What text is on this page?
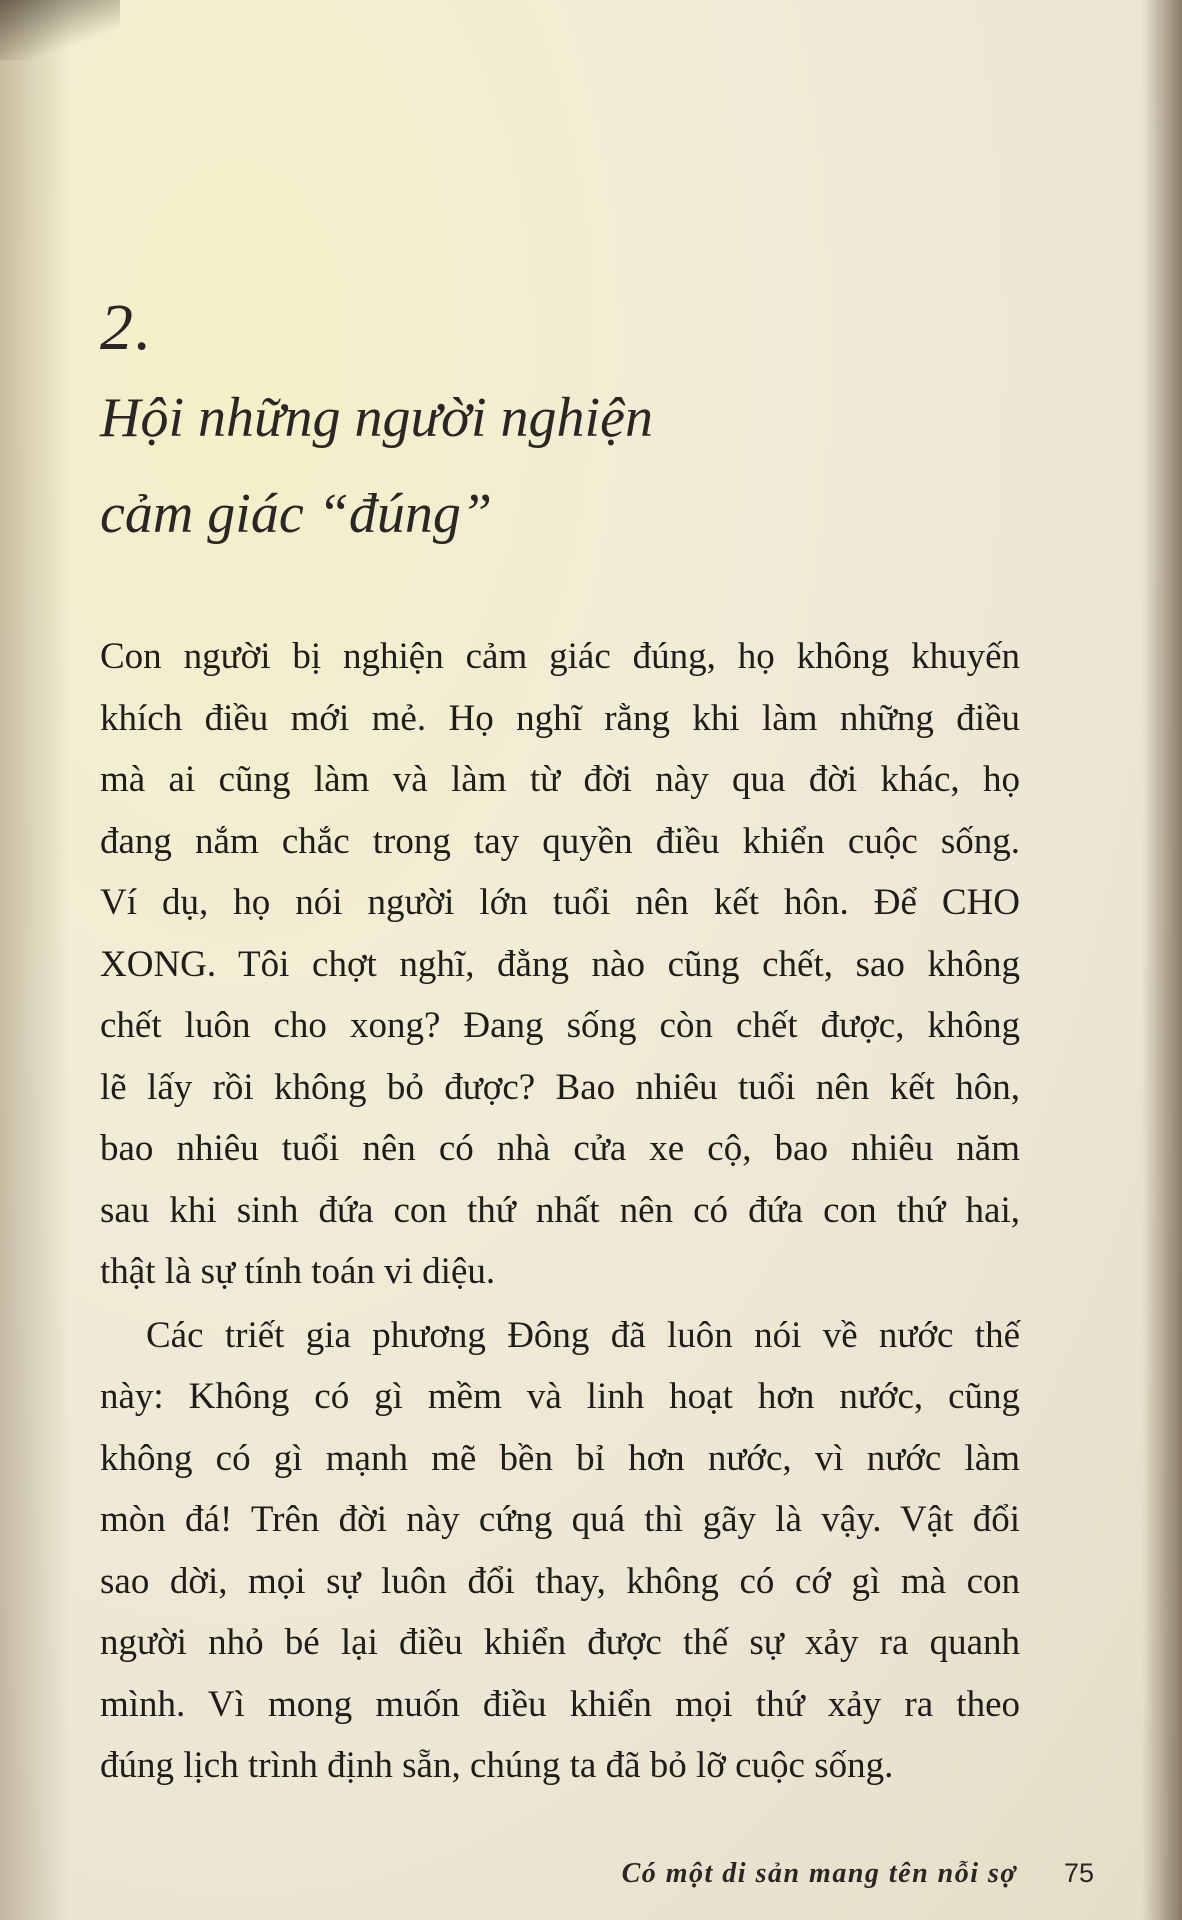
2.
Hội những người nghiện
cảm giác “đúng”

Con người bị nghiện cảm giác đúng, họ không khuyến
khích điều mới mẻ. Họ nghĩ rằng khi làm những điều
mà ai cũng làm và làm từ đời này qua đời khác, họ
đang nắm chắc trong tay quyền điều khiển cuộc sống.
Ví dụ, họ nói người lớn tuổi nên kết hôn. Để CHO
XONG. Tôi chợt nghĩ, đằng nào cũng chết, sao không
chết luôn cho xong? Đang sống còn chết được, không
lẽ lấy rồi không bỏ được? Bao nhiêu tuổi nên kết hôn,
bao nhiêu tuổi nên có nhà cửa xe cộ, bao nhiêu năm
sau khi sinh đứa con thứ nhất nên có đứa con thứ hai,
thật là sự tính toán vi diệu.

Các triết gia phương Đông đã luôn nói về nước thế
này: Không có gì mềm và linh hoạt hơn nước, cũng
không có gì mạnh mẽ bền bỉ hơn nước, vì nước làm
mòn đá! Trên đời này cứng quá thì gãy là vậy. Vật đổi
sao dời, mọi sự luôn đổi thay, không có cớ gì mà con
người nhỏ bé lại điều khiển được thế sự xảy ra quanh
mình. Vì mong muốn điều khiển mọi thứ xảy ra theo
đúng lịch trình định sẵn, chúng ta đã bỏ lỡ cuộc sống.

Có một di sản mang tên nỗi sợ 75
